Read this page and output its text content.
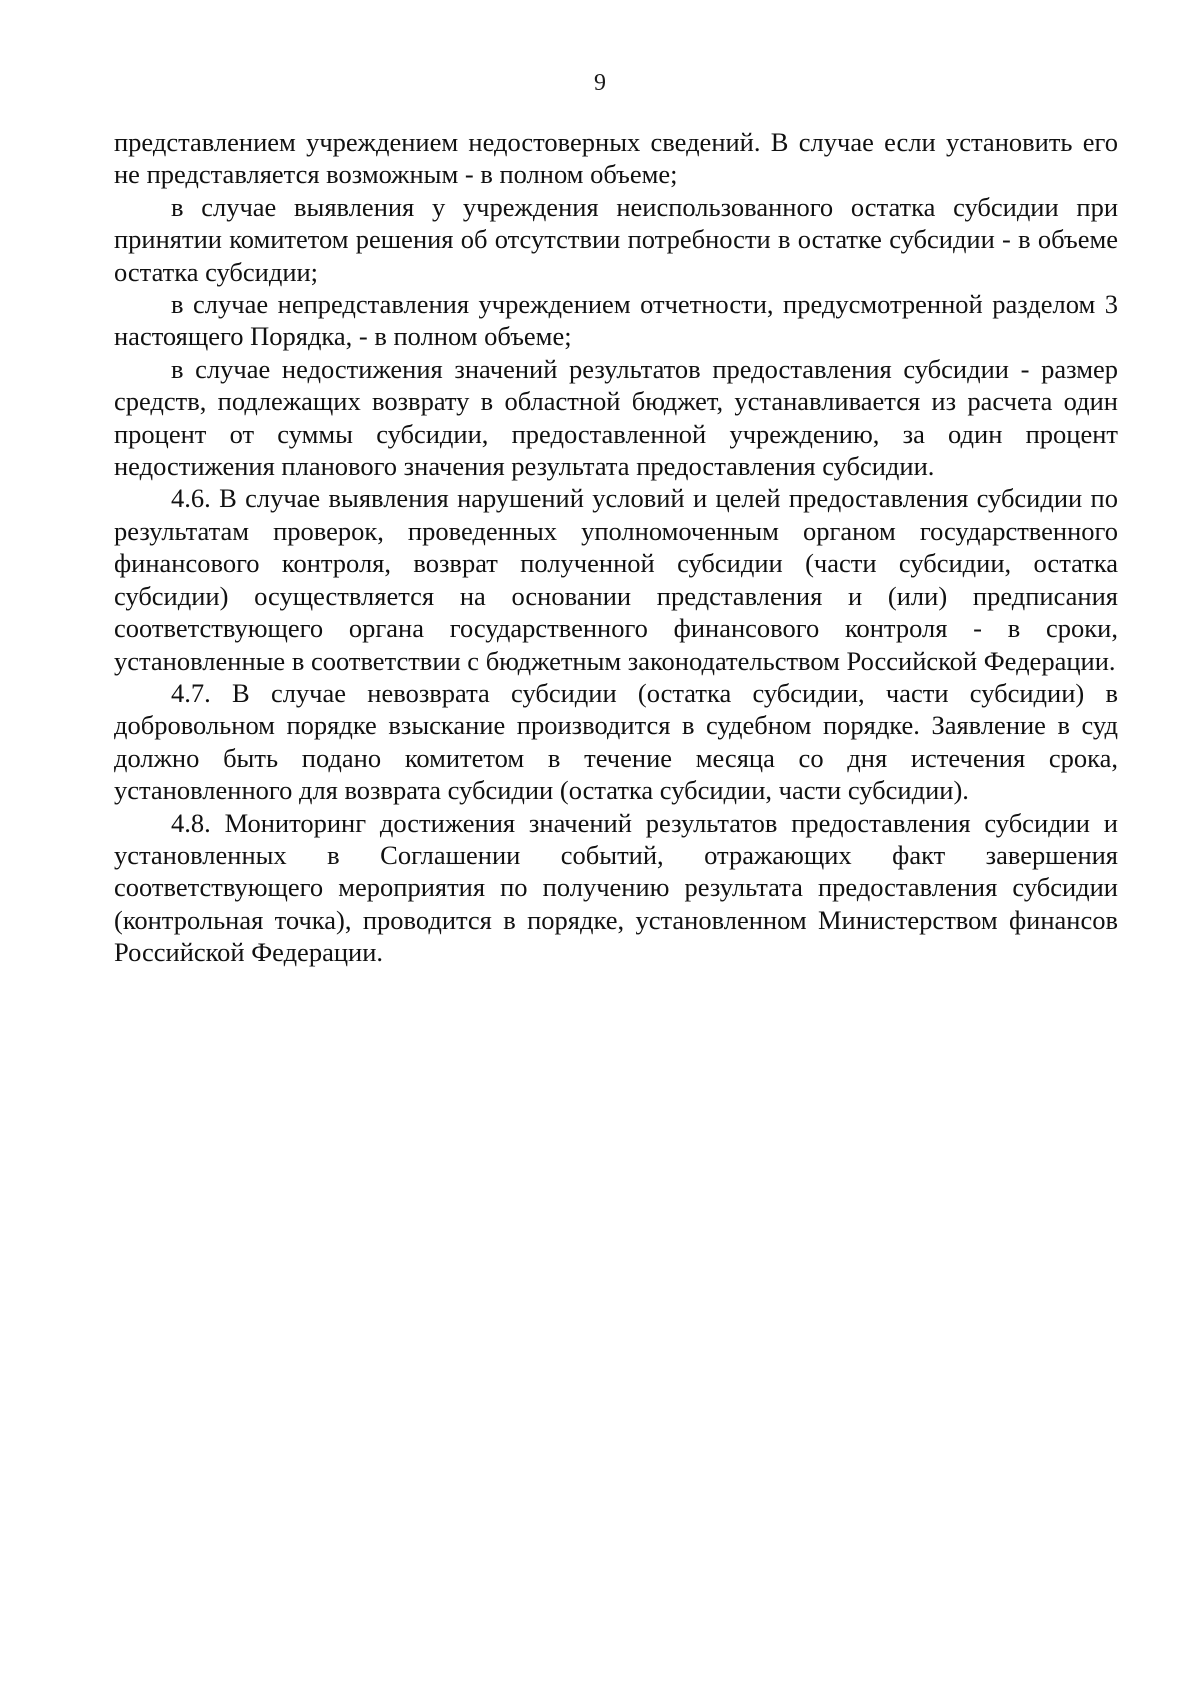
9

представлением учреждением недостоверных сведений. В случае если установить его не представляется возможным - в полном объеме;

в случае выявления у учреждения неиспользованного остатка субсидии при принятии комитетом решения об отсутствии потребности в остатке субсидии - в объеме остатка субсидии;

в случае непредставления учреждением отчетности, предусмотренной разделом 3 настоящего Порядка, - в полном объеме;

в случае недостижения значений результатов предоставления субсидии - размер средств, подлежащих возврату в областной бюджет, устанавливается из расчета один процент от суммы субсидии, предоставленной учреждению, за один процент недостижения планового значения результата предоставления субсидии.

4.6. В случае выявления нарушений условий и целей предоставления субсидии по результатам проверок, проведенных уполномоченным органом государственного финансового контроля, возврат полученной субсидии (части субсидии, остатка субсидии) осуществляется на основании представления и (или) предписания соответствующего органа государственного финансового контроля - в сроки, установленные в соответствии с бюджетным законодательством Российской Федерации.

4.7. В случае невозврата субсидии (остатка субсидии, части субсидии) в добровольном порядке взыскание производится в судебном порядке. Заявление в суд должно быть подано комитетом в течение месяца со дня истечения срока, установленного для возврата субсидии (остатка субсидии, части субсидии).

4.8. Мониторинг достижения значений результатов предоставления субсидии и установленных в Соглашении событий, отражающих факт завершения соответствующего мероприятия по получению результата предоставления субсидии (контрольная точка), проводится в порядке, установленном Министерством финансов Российской Федерации.
